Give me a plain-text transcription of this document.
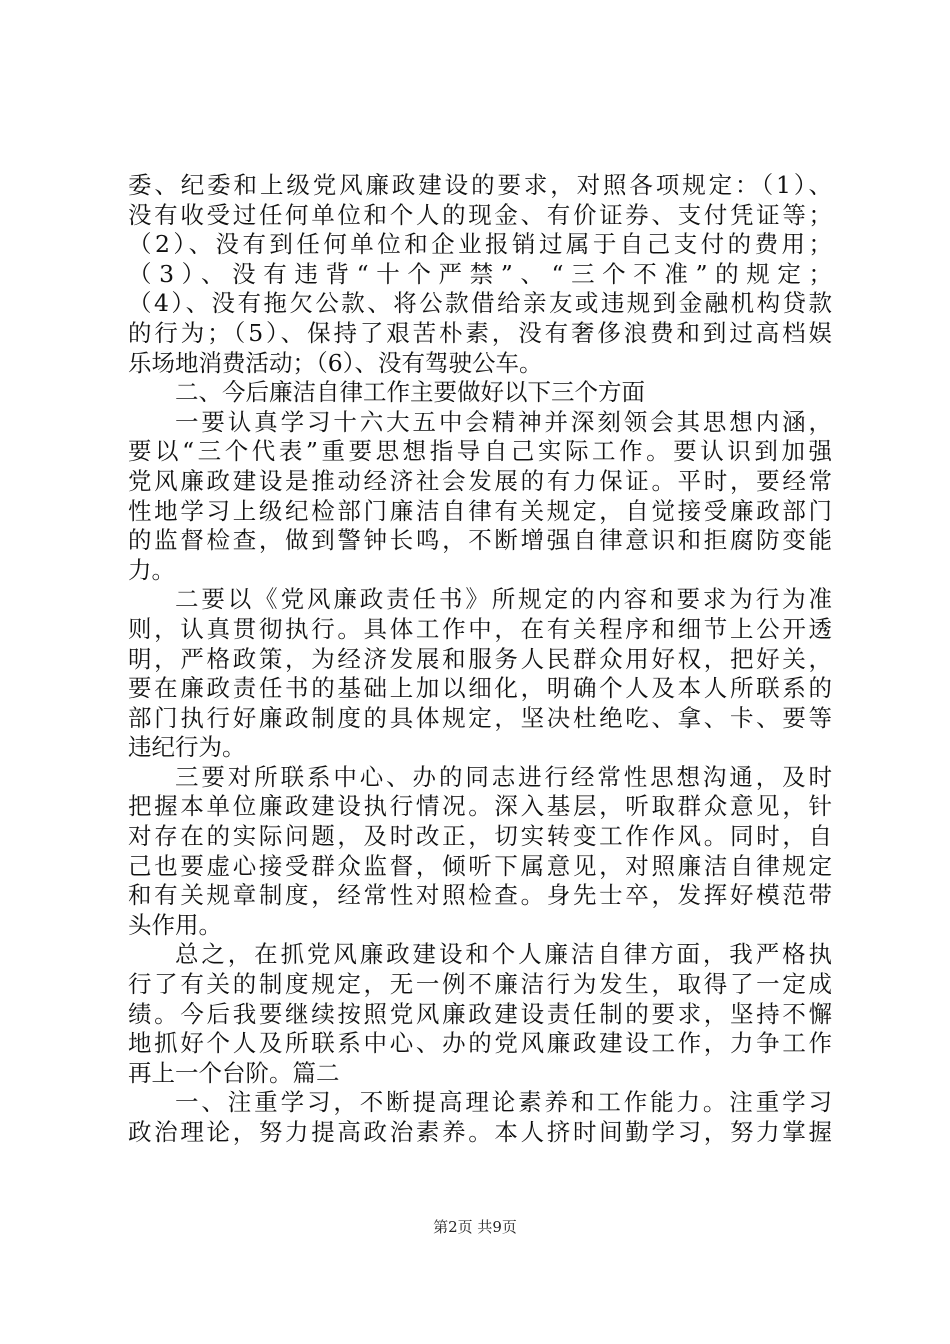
委、纪委和上级党风廉政建设的要求，对照各项规定：（1）、
没有收受过任何单位和个人的现金、有价证券、支付凭证等；
（2）、没有到任何单位和企业报销过属于自己支付的费用；
（3）、没有违背“十个严禁”、“三个不准”的规定；
（4）、没有拖欠公款、将公款借给亲友或违规到金融机构贷款
的行为；（5）、保持了艰苦朴素，没有奢侈浪费和到过高档娱
乐场地消费活动；（6）、没有驾驶公车。
二、今后廉洁自律工作主要做好以下三个方面
一要认真学习十六大五中会精神并深刻领会其思想内涵，
要以“三个代表”重要思想指导自己实际工作。要认识到加强
党风廉政建设是推动经济社会发展的有力保证。平时，要经常
性地学习上级纪检部门廉洁自律有关规定，自觉接受廉政部门
的监督检查，做到警钟长鸣，不断增强自律意识和拒腐防变能
力。
二要以《党风廉政责任书》所规定的内容和要求为行为准
则，认真贯彻执行。具体工作中，在有关程序和细节上公开透
明，严格政策，为经济发展和服务人民群众用好权，把好关，
要在廉政责任书的基础上加以细化，明确个人及本人所联系的
部门执行好廉政制度的具体规定，坚决杜绝吃、拿、卡、要等
违纪行为。
三要对所联系中心、办的同志进行经常性思想沟通，及时
把握本单位廉政建设执行情况。深入基层，听取群众意见，针
对存在的实际问题，及时改正，切实转变工作作风。同时，自
己也要虚心接受群众监督，倾听下属意见，对照廉洁自律规定
和有关规章制度，经常性对照检查。身先士卒，发挥好模范带
头作用。
总之，在抓党风廉政建设和个人廉洁自律方面，我严格执
行了有关的制度规定，无一例不廉洁行为发生，取得了一定成
绩。今后我要继续按照党风廉政建设责任制的要求，坚持不懈
地抓好个人及所联系中心、办的党风廉政建设工作，力争工作
再上一个台阶。篇二
一、注重学习，不断提高理论素养和工作能力。注重学习
政治理论，努力提高政治素养。本人挤时间勤学习，努力掌握
第2页 共9页
